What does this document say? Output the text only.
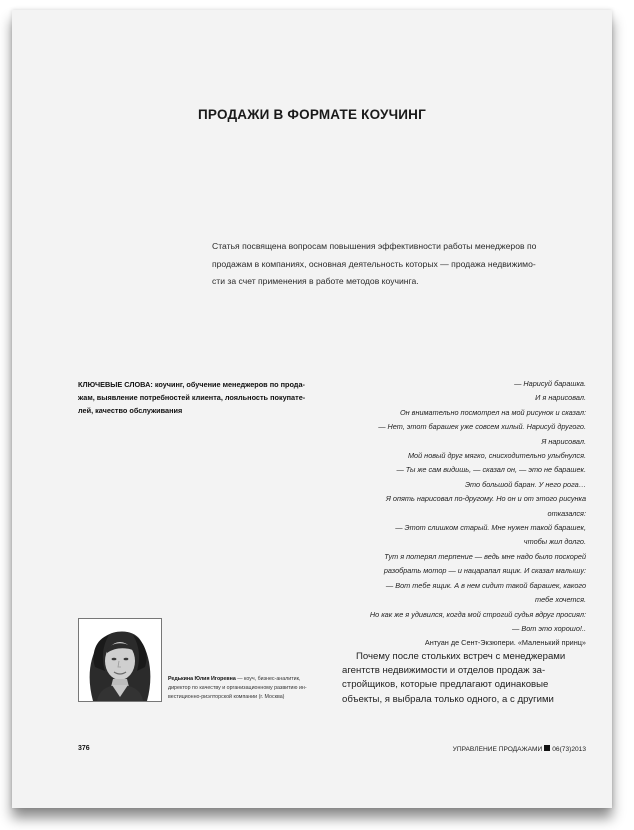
ПРОДАЖИ В ФОРМАТЕ КОУЧИНГ
Статья посвящена вопросам повышения эффективности работы менеджеров по
продажам в компаниях, основная деятельность которых — продажа недвижимо-
сти за счет применения в работе методов коучинга.
КЛЮЧЕВЫЕ СЛОВА: коучинг, обучение менеджеров по прода-
жам, выявление потребностей клиента, лояльность покупате-
лей, качество обслуживания
— Нарисуй барашка.
И я нарисовал.
Он внимательно посмотрел на мой рисунок и сказал:
— Нет, этот барашек уже совсем хилый. Нарисуй другого.
Я нарисовал.
Мой новый друг мягко, снисходительно улыбнулся.
— Ты же сам видишь, — сказал он, — это не барашек.
Это большой баран. У него рога…
Я опять нарисовал по-другому. Но он и от этого рисунка
отказался:
— Этот слишком старый. Мне нужен такой барашек,
чтобы жил долго.
Тут я потерял терпение — ведь мне надо было поскорей
разобрать мотор — и нацарапал ящик. И сказал малышу:
— Вот тебе ящик. А в нем сидит такой барашек, какого
тебе хочется.
Но как же я удивился, когда мой строгий судья вдруг просиял:
— Вот это хорошо!..
Антуан де Сент-Экзюпери. «Маленький принц»
Почему после стольких встреч с менеджерами
агентств недвижимости и отделов продаж за-
стройщиков, которые предлагают одинаковые
объекты, я выбрала только одного, а с другими
Редькина Юлия Игоревна — коуч, бизнес-аналитик,
директор по качеству и организационному развитию ин-
вестиционно-риэлторской компании (г. Москва)
376	УПРАВЛЕНИЕ ПРОДАЖАМИ 06(73)2013
